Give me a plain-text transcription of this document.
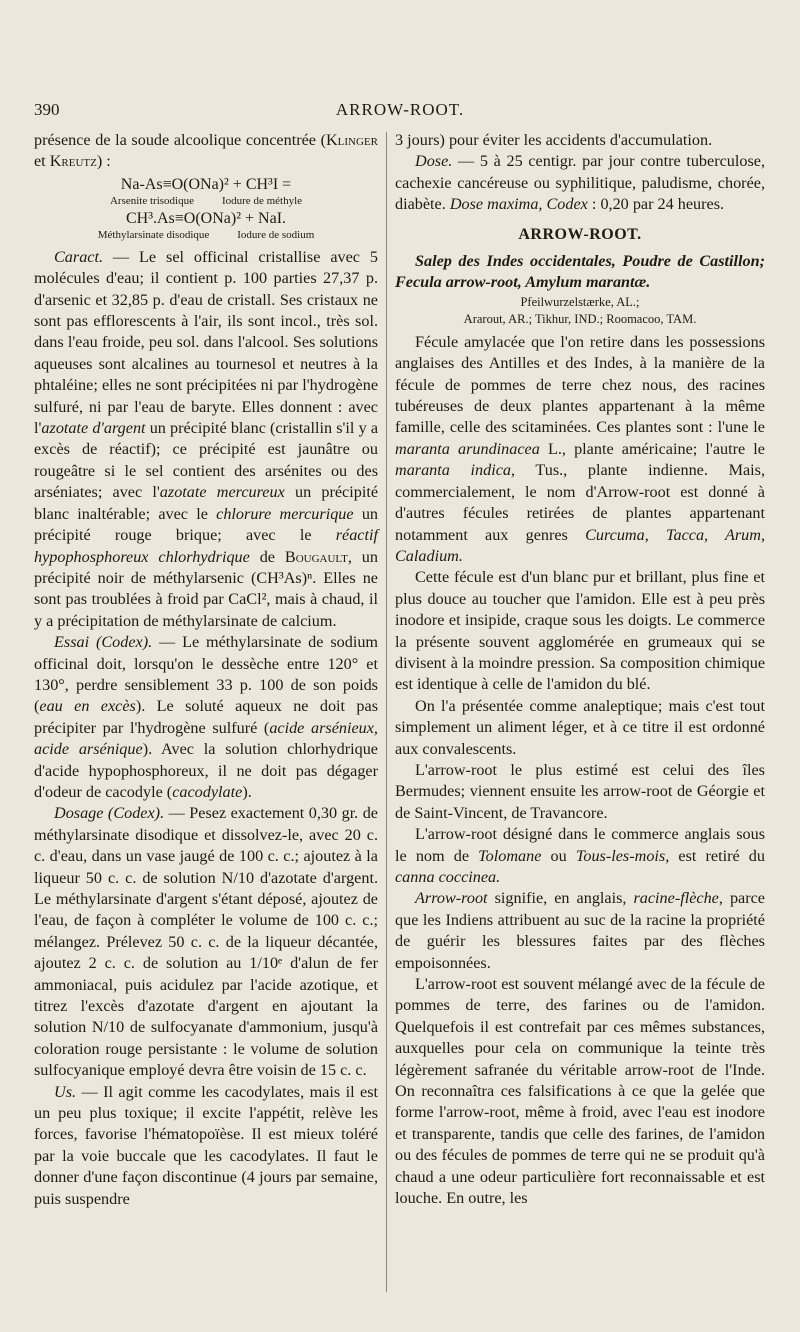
390	ARROW-ROOT.

présence de la soude alcoolique concentrée (Klinger et Kreutz) :

Na-As≡O(ONa)² + CH³I =
Arsenite trisodique	Iodure de méthyle
CH³.As≡O(ONa)² + NaI.
Méthylarsinate disodique	Iodure de sodium

Caract. — Le sel officinal cristallise avec 5 molécules d'eau; il contient p. 100 parties 27,37 p. d'arsenic et 32,85 p. d'eau de cristall. Ses cristaux ne sont pas efflorescents à l'air, ils sont incol., très sol. dans l'eau froide, peu sol. dans l'alcool. Ses solutions aqueuses sont alcalines au tournesol et neutres à la phtaléine; elles ne sont précipitées ni par l'hydrogène sulfuré, ni par l'eau de baryte. Elles donnent : avec l'azotate d'argent un précipité blanc (cristallin s'il y a excès de réactif); ce précipité est jaunâtre ou rougeâtre si le sel contient des arsénites ou des arséniates; avec l'azotate mercureux un précipité blanc inaltérable; avec le chlorure mercurique un précipité rouge brique; avec le réactif hypophosphoreux chlorhydrique de Bougault, un précipité noir de méthylarsenic (CH³As)ⁿ. Elles ne sont pas troublées à froid par CaCl², mais à chaud, il y a précipitation de méthylarsinate de calcium.

Essai (Codex). — Le méthylarsinate de sodium officinal doit, lorsqu'on le dessèche entre 120° et 130°, perdre sensiblement 33 p. 100 de son poids (eau en excès). Le soluté aqueux ne doit pas précipiter par l'hydrogène sulfuré (acide arsénieux, acide arsénique). Avec la solution chlorhydrique d'acide hypophosphoreux, il ne doit pas dégager d'odeur de cacodyle (cacodylate).

Dosage (Codex). — Pesez exactement 0,30 gr. de méthylarsinate disodique et dissolvez-le, avec 20 c. c. d'eau, dans un vase jaugé de 100 c. c.; ajoutez à la liqueur 50 c. c. de solution N/10 d'azotate d'argent. Le méthylarsinate d'argent s'étant déposé, ajoutez de l'eau, de façon à compléter le volume de 100 c. c.; mélangez. Prélevez 50 c. c. de la liqueur décantée, ajoutez 2 c. c. de solution au 1/10ᵉ d'alun de fer ammoniacal, puis acidulez par l'acide azotique, et titrez l'excès d'azotate d'argent en ajoutant la solution N/10 de sulfocyanate d'ammonium, jusqu'à coloration rouge persistante : le volume de solution sulfocyanique employé devra être voisin de 15 c. c.

Us. — Il agit comme les cacodylates, mais il est un peu plus toxique; il excite l'appétit, relève les forces, favorise l'hématopoïèse. Il est mieux toléré par la voie buccale que les cacodylates. Il faut le donner d'une façon discontinue (4 jours par semaine, puis suspendre

3 jours) pour éviter les accidents d'accumulation.

Dose. — 5 à 25 centigr. par jour contre tuberculose, cachexie cancéreuse ou syphilitique, paludisme, chorée, diabète. Dose maxima, Codex : 0,20 par 24 heures.

ARROW-ROOT.

Salep des Indes occidentales, Poudre de Castillon; Fecula arrow-root, Amylum marantæ.

Pfeilwurzelstærke, AL.;
Ararout, AR.; Tikhur, IND.; Roomacoo, TAM.

Fécule amylacée que l'on retire dans les possessions anglaises des Antilles et des Indes, à la manière de la fécule de pommes de terre chez nous, des racines tubéreuses de deux plantes appartenant à la même famille, celle des scitaminées. Ces plantes sont : l'une le maranta arundinacea L., plante américaine; l'autre le maranta indica, Tus., plante indienne. Mais, commercialement, le nom d'Arrow-root est donné à d'autres fécules retirées de plantes appartenant notamment aux genres Curcuma, Tacca, Arum, Caladium.

Cette fécule est d'un blanc pur et brillant, plus fine et plus douce au toucher que l'amidon. Elle est à peu près inodore et insipide, craque sous les doigts. Le commerce la présente souvent agglomérée en grumeaux qui se divisent à la moindre pression. Sa composition chimique est identique à celle de l'amidon du blé.

On l'a présentée comme analeptique; mais c'est tout simplement un aliment léger, et à ce titre il est ordonné aux convalescents.

L'arrow-root le plus estimé est celui des îles Bermudes; viennent ensuite les arrow-root de Géorgie et de Saint-Vincent, de Travancore.

L'arrow-root désigné dans le commerce anglais sous le nom de Tolomane ou Tous-les-mois, est retiré du canna coccinea.

Arrow-root signifie, en anglais, racine-flèche, parce que les Indiens attribuent au suc de la racine la propriété de guérir les blessures faites par des flèches empoisonnées.

L'arrow-root est souvent mélangé avec de la fécule de pommes de terre, des farines ou de l'amidon. Quelquefois il est contrefait par ces mêmes substances, auxquelles pour cela on communique la teinte très légèrement safranée du véritable arrow-root de l'Inde. On reconnaîtra ces falsifications à ce que la gelée que forme l'arrow-root, même à froid, avec l'eau est inodore et transparente, tandis que celle des farines, de l'amidon ou des fécules de pommes de terre qui ne se produit qu'à chaud a une odeur particulière fort reconnaissable et est louche. En outre, les
